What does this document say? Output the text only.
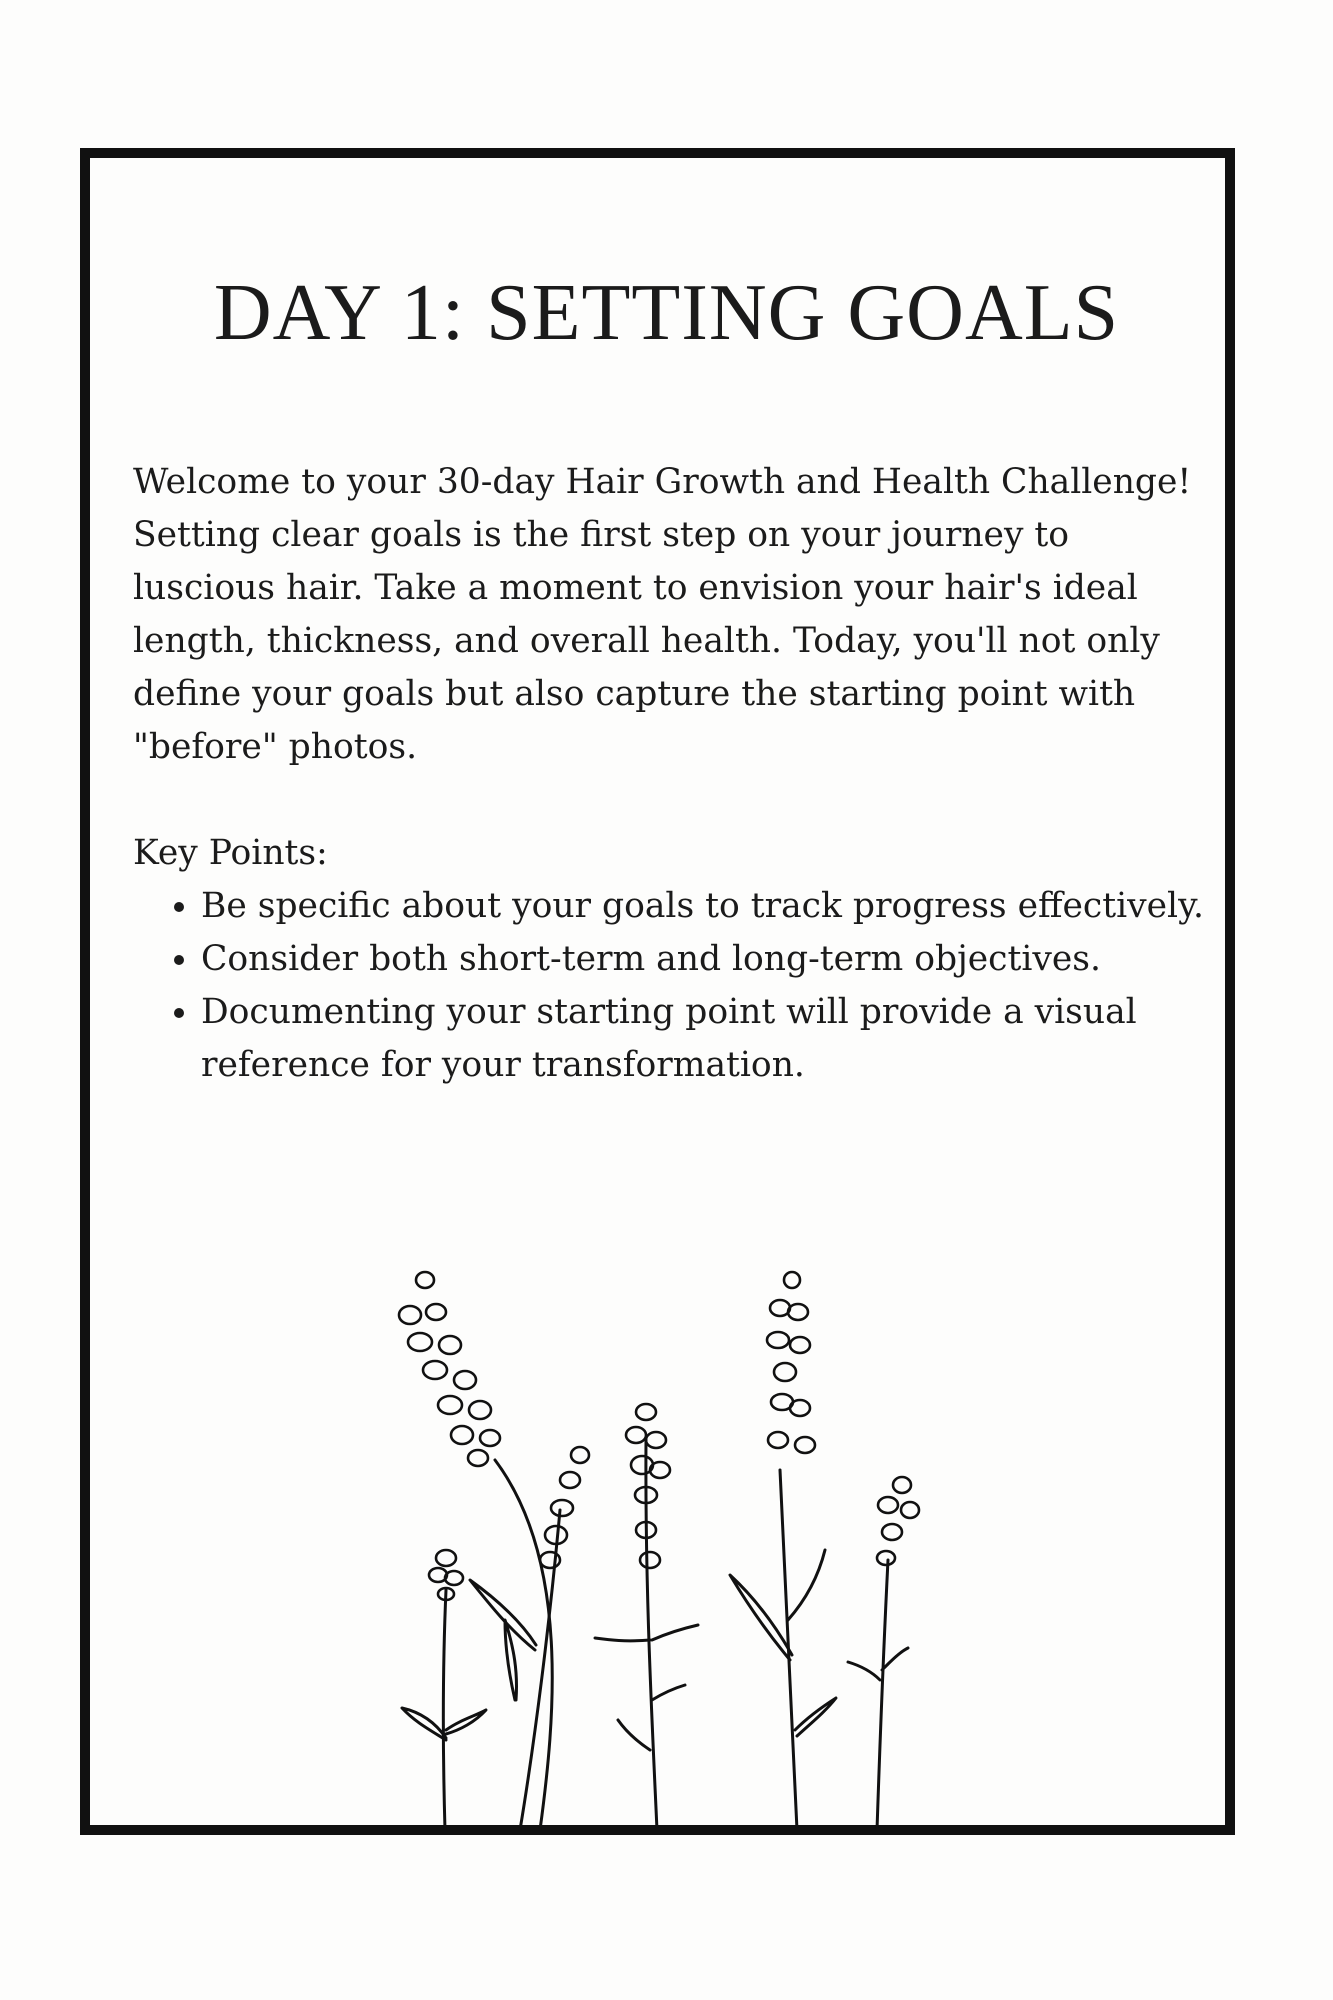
DAY 1: SETTING GOALS

Welcome to your 30-day Hair Growth and Health Challenge! Setting clear goals is the first step on your journey to luscious hair. Take a moment to envision your hair's ideal length, thickness, and overall health. Today, you'll not only define your goals but also capture the starting point with "before" photos.

Key Points:

• Be specific about your goals to track progress effectively.
• Consider both short-term and long-term objectives.
• Documenting your starting point will provide a visual reference for your transformation.
